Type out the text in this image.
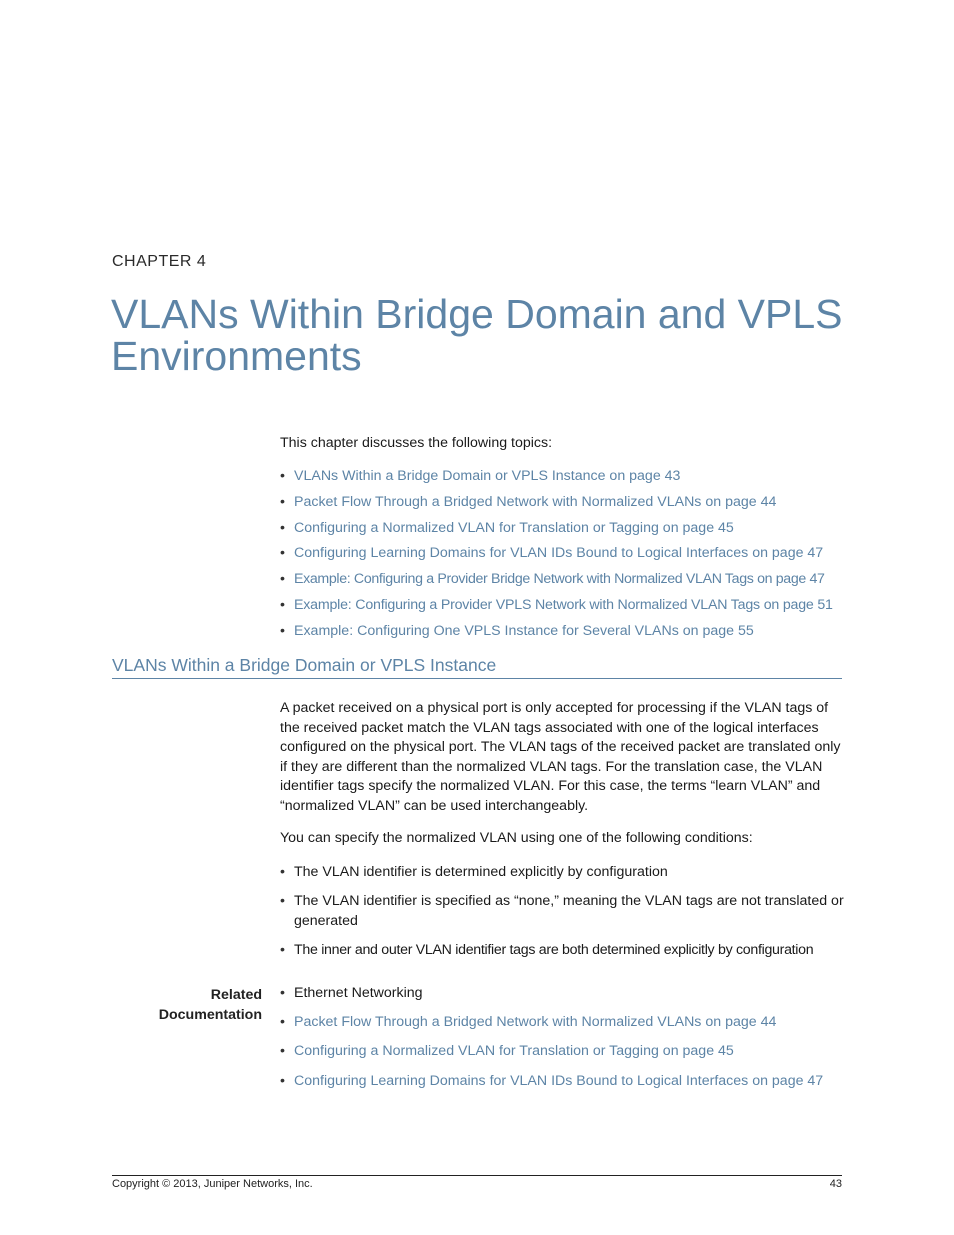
CHAPTER 4
VLANs Within Bridge Domain and VPLS Environments

This chapter discusses the following topics:

• VLANs Within a Bridge Domain or VPLS Instance on page 43
• Packet Flow Through a Bridged Network with Normalized VLANs on page 44
• Configuring a Normalized VLAN for Translation or Tagging on page 45
• Configuring Learning Domains for VLAN IDs Bound to Logical Interfaces on page 47
• Example: Configuring a Provider Bridge Network with Normalized VLAN Tags on page 47
• Example: Configuring a Provider VPLS Network with Normalized VLAN Tags on page 51
• Example: Configuring One VPLS Instance for Several VLANs on page 55
VLANs Within a Bridge Domain or VPLS Instance

A packet received on a physical port is only accepted for processing if the VLAN tags of the received packet match the VLAN tags associated with one of the logical interfaces configured on the physical port. The VLAN tags of the received packet are translated only if they are different than the normalized VLAN tags. For the translation case, the VLAN identifier tags specify the normalized VLAN. For this case, the terms “learn VLAN” and “normalized VLAN” can be used interchangeably.

You can specify the normalized VLAN using one of the following conditions:

• The VLAN identifier is determined explicitly by configuration
• The VLAN identifier is specified as “none,” meaning the VLAN tags are not translated or generated
• The inner and outer VLAN identifier tags are both determined explicitly by configuration
Related
Documentation
• Ethernet Networking
• Packet Flow Through a Bridged Network with Normalized VLANs on page 44
• Configuring a Normalized VLAN for Translation or Tagging on page 45
• Configuring Learning Domains for VLAN IDs Bound to Logical Interfaces on page 47
Copyright © 2013, Juniper Networks, Inc.	43
